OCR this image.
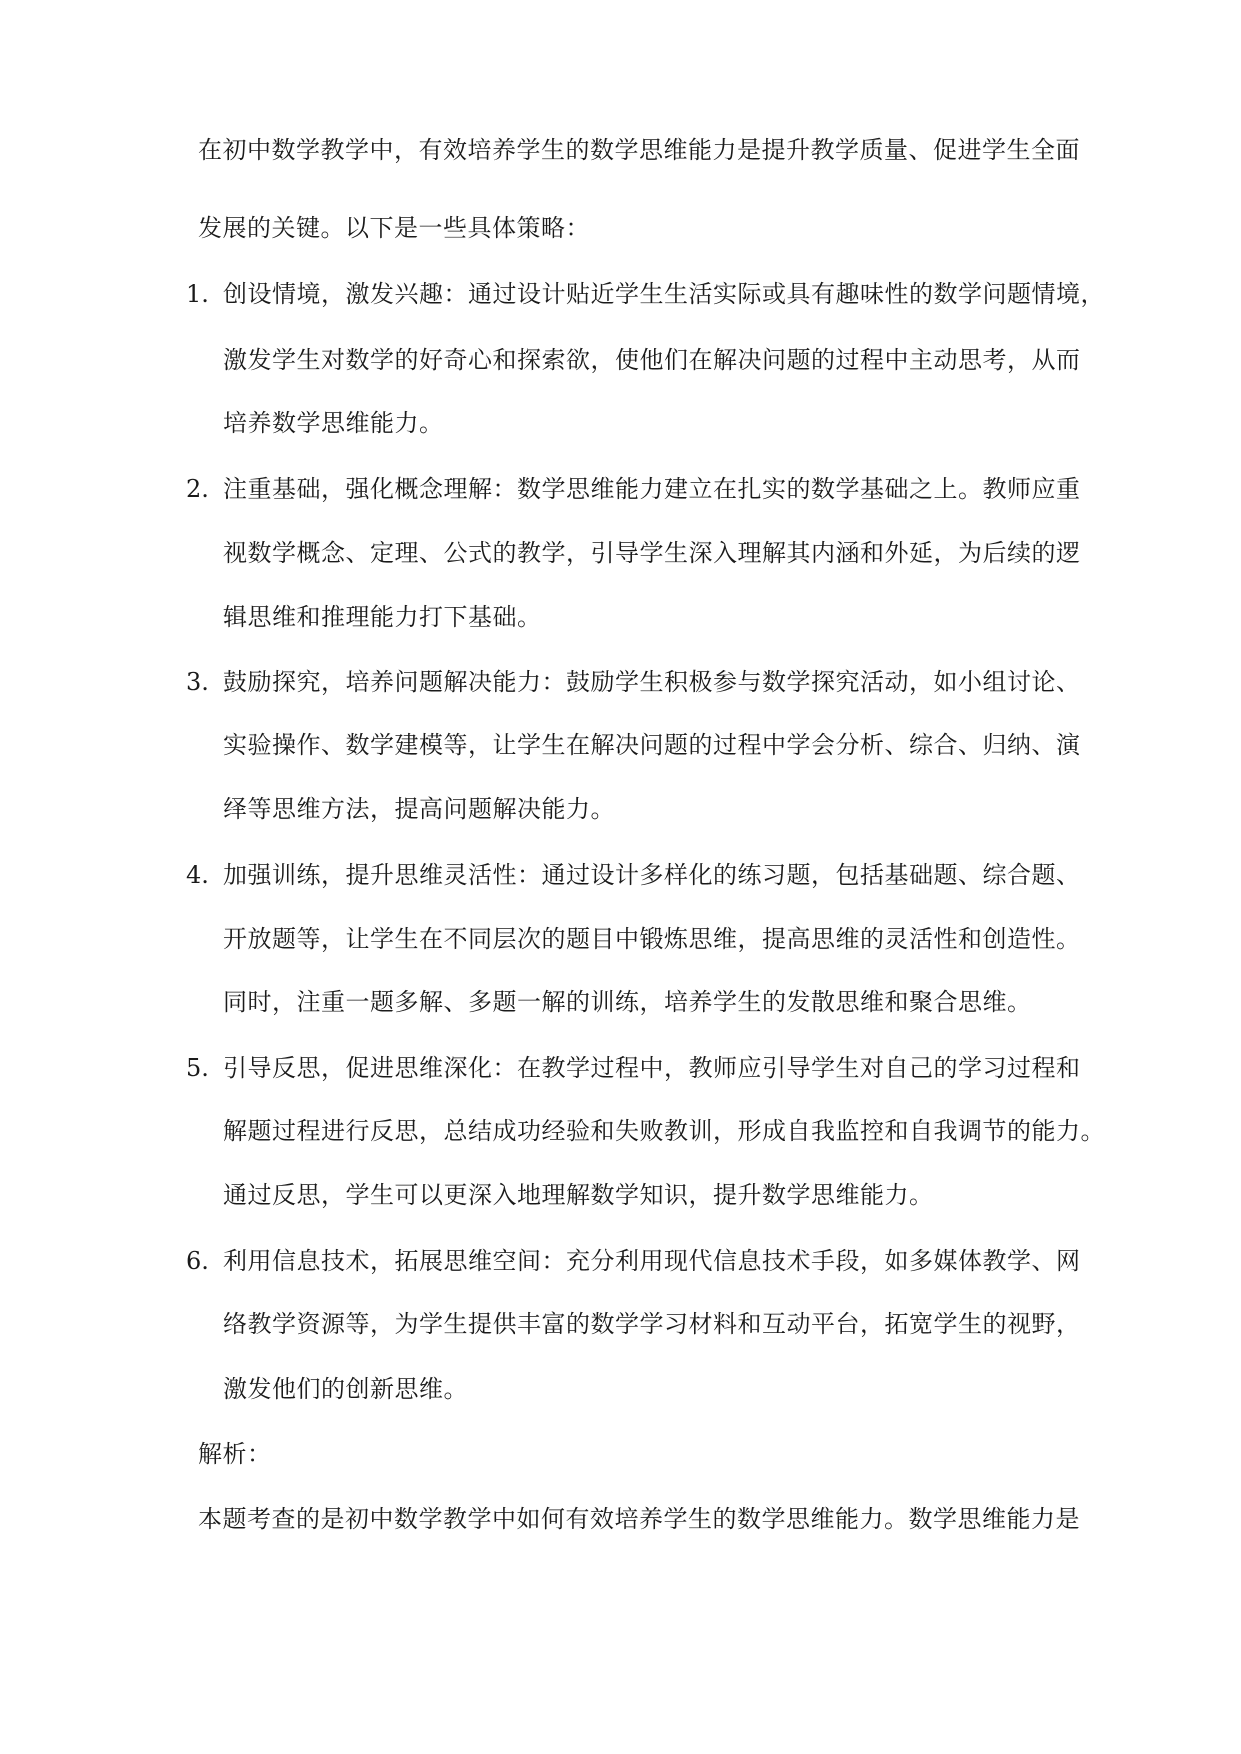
在初中数学教学中，有效培养学生的数学思维能力是提升教学质量、促进学生全面
发展的关键。以下是一些具体策略：
1. 创设情境，激发兴趣：通过设计贴近学生生活实际或具有趣味性的数学问题情境，
激发学生对数学的好奇心和探索欲，使他们在解决问题的过程中主动思考，从而
培养数学思维能力。
2. 注重基础，强化概念理解：数学思维能力建立在扎实的数学基础之上。教师应重
视数学概念、定理、公式的教学，引导学生深入理解其内涵和外延，为后续的逻
辑思维和推理能力打下基础。
3. 鼓励探究，培养问题解决能力：鼓励学生积极参与数学探究活动，如小组讨论、
实验操作、数学建模等，让学生在解决问题的过程中学会分析、综合、归纳、演
绎等思维方法，提高问题解决能力。
4. 加强训练，提升思维灵活性：通过设计多样化的练习题，包括基础题、综合题、
开放题等，让学生在不同层次的题目中锻炼思维，提高思维的灵活性和创造性。
同时，注重一题多解、多题一解的训练，培养学生的发散思维和聚合思维。
5. 引导反思，促进思维深化：在教学过程中，教师应引导学生对自己的学习过程和
解题过程进行反思，总结成功经验和失败教训，形成自我监控和自我调节的能力。
通过反思，学生可以更深入地理解数学知识，提升数学思维能力。
6. 利用信息技术，拓展思维空间：充分利用现代信息技术手段，如多媒体教学、网
络教学资源等，为学生提供丰富的数学学习材料和互动平台，拓宽学生的视野，
激发他们的创新思维。
解析：
本题考查的是初中数学教学中如何有效培养学生的数学思维能力。数学思维能力是
